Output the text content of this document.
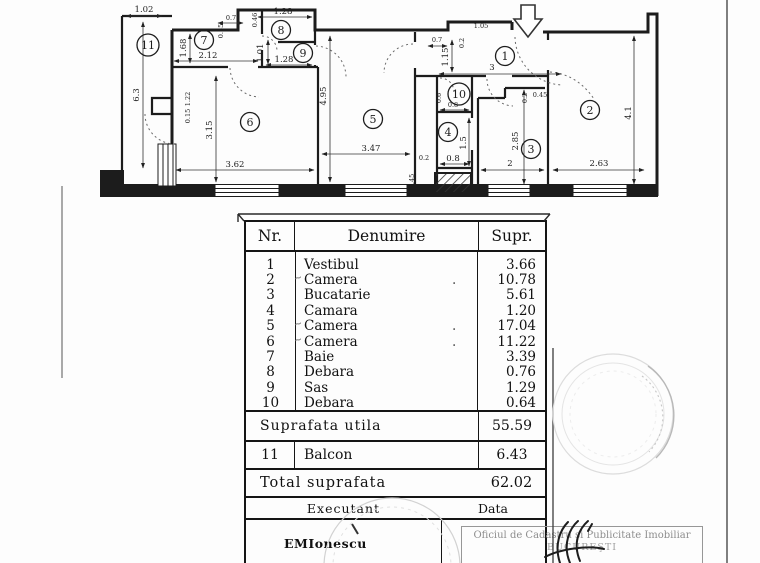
11	7
8
9
6	5
10
4
1
2
3
1.02
6.3
1.68
0.7
0.35
1.28
0.46
2.12	1.01 1.28
4.95
3.15
1.22
0.15
3.62
3.47
0.2
0.45
1.15
0.7 0.2
1.05
3
0.6
0.8
1.5
0.8
0.45
0.2
2.85
2	2.63
4.1
Nr.	Denumire	Supr.
1	Vestibul	3.66
2	~ Camera	.	10.78
3	Bucatarie	5.61
4	Camara	1.20
5	~ Camera	.	17.04
6	~ Camera	.	11.22
7	Baie	3.39
8	Debara	0.76
9	Sas	1.29
10	Debara	0.64
Suprafata utila	55.59
11	Balcon	6.43
Total suprafata	62.02
Executant	Data
EMIonescu
Oficiul de Cadastru şi Publicitate Imobiliar
BUCUREŞTI
